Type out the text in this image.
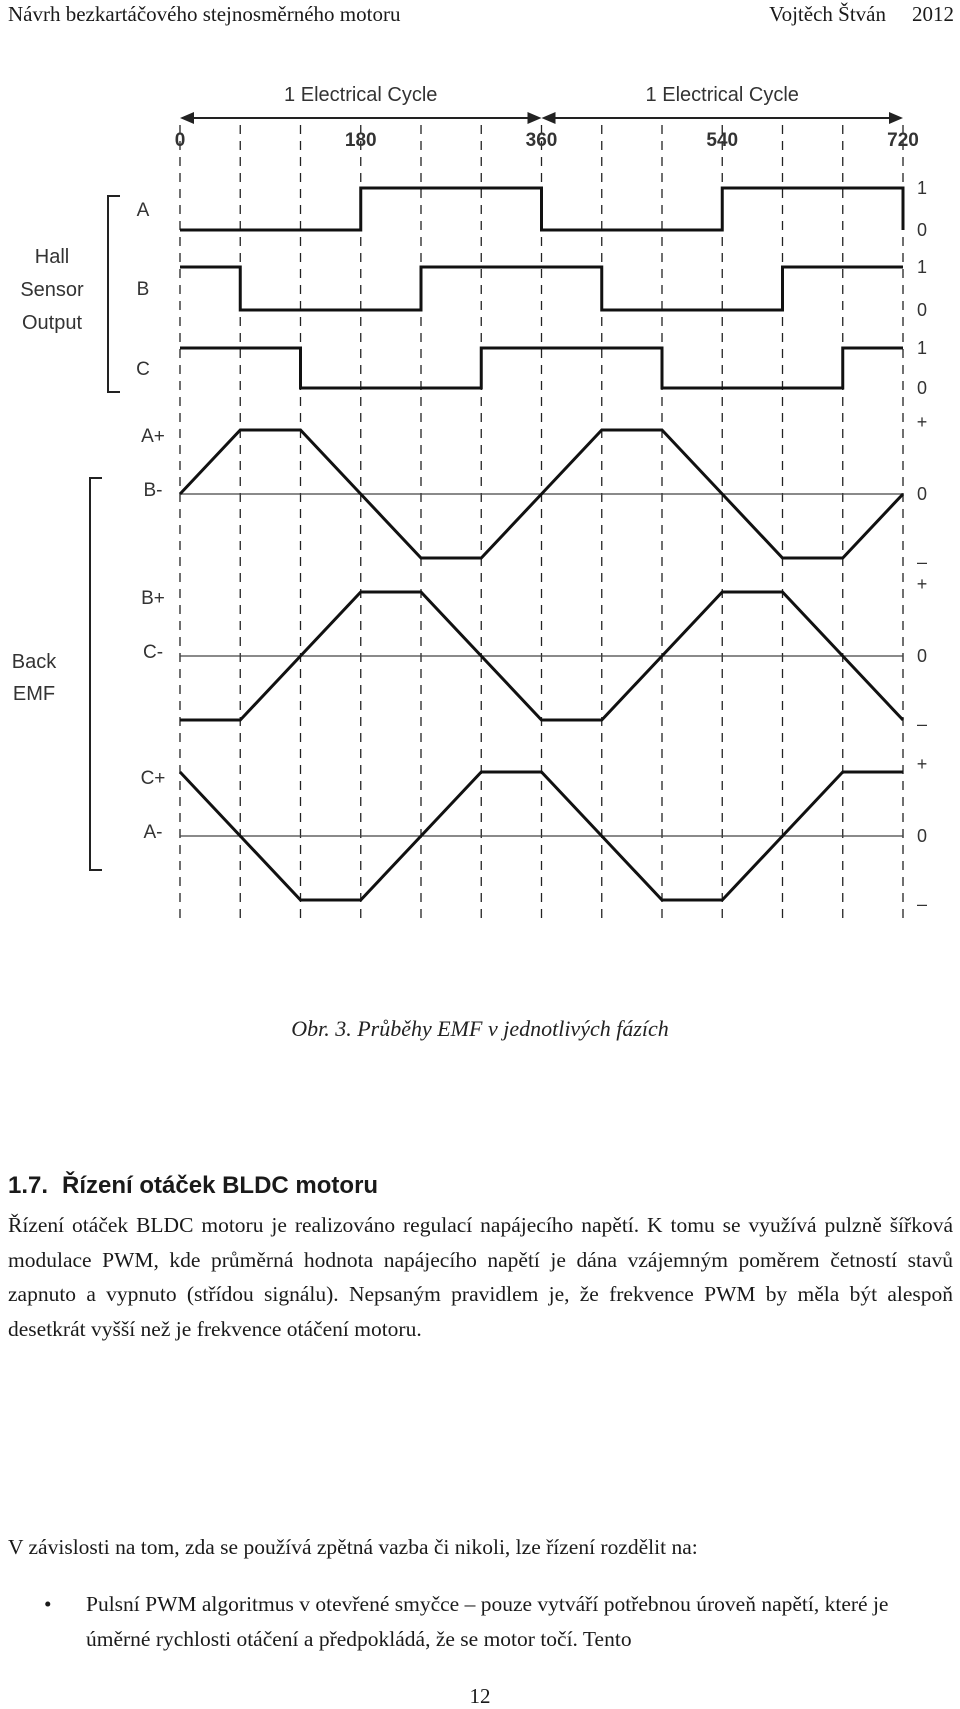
Návrh bezkartáčového stejnosměrného motoru	Vojtěch Štván 2012
1 Electrical Cycle	1 Electrical Cycle
0	180	360	540	720
A
B
C
Hall
Sensor
Output
A+
B-
B+
C-
C+
A-
Back
EMF
1
0
1
0
1
0
+
0
–
+
0
–
+
0
–
Obr. 3. Průběhy EMF v jednotlivých fázích
1.7. Řízení otáček BLDC motoru

Řízení otáček BLDC motoru je realizováno regulací napájecího napětí. K tomu se využívá pulzně šířková modulace PWM, kde průměrná hodnota napájecího napětí je dána vzájemným poměrem četností stavů zapnuto a vypnuto (střídou signálu). Nepsaným pravidlem je, že frekvence PWM by měla být alespoň desetkrát vyšší než je frekvence otáčení motoru.

V závislosti na tom, zda se používá zpětná vazba či nikoli, lze řízení rozdělit na:

• Pulsní PWM algoritmus v otevřené smyčce – pouze vytváří potřebnou úroveň napětí, které je úměrné rychlosti otáčení a předpokládá, že se motor točí. Tento
12
